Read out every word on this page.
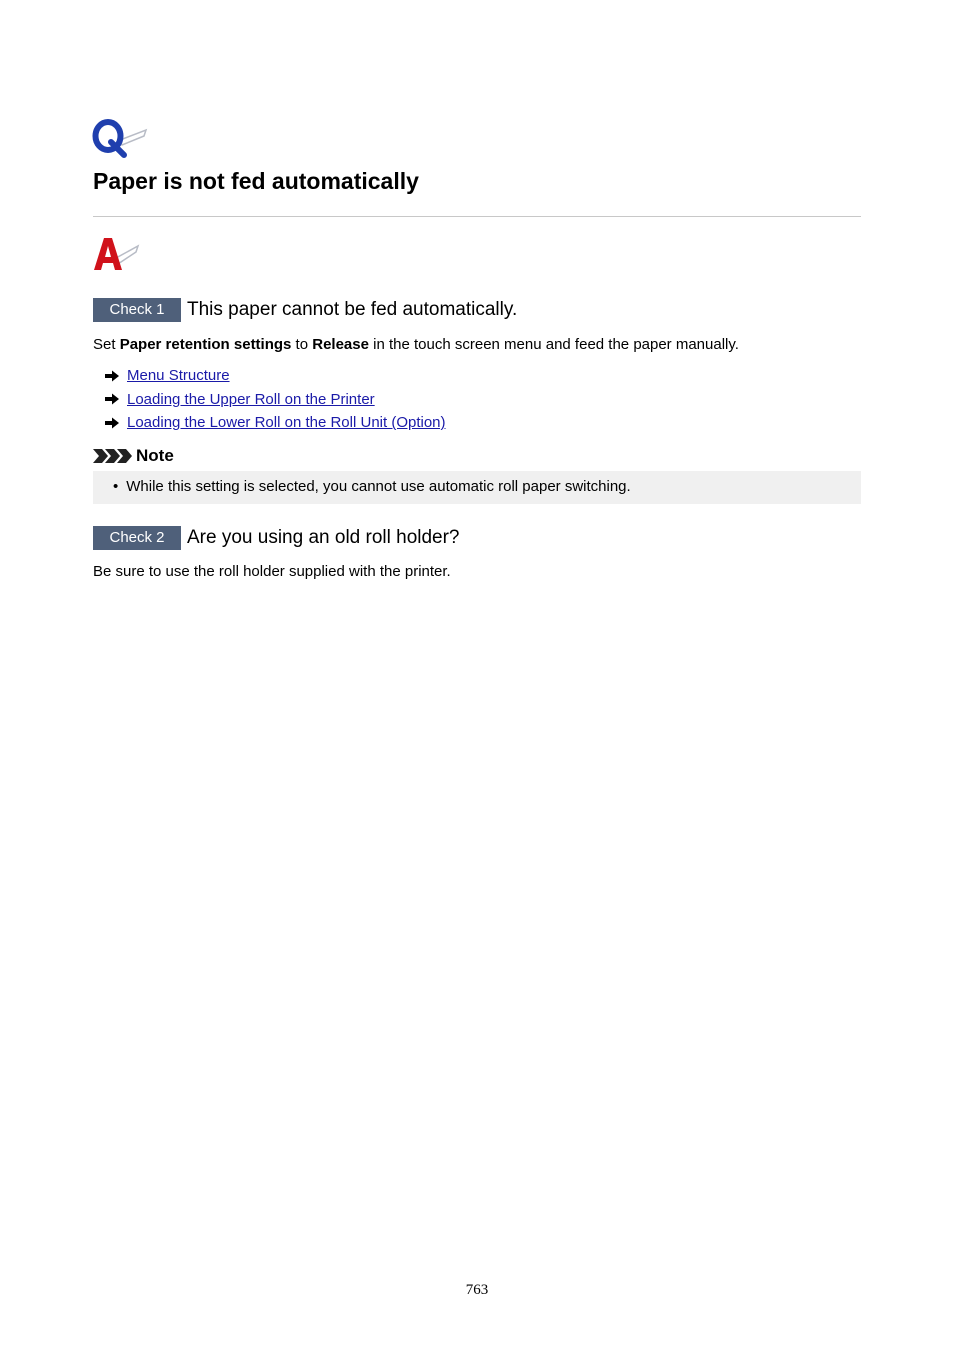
Paper is not fed automatically
Check 1	This paper cannot be fed automatically.

Set Paper retention settings to Release in the touch screen menu and feed the paper manually.

Menu Structure
Loading the Upper Roll on the Printer
Loading the Lower Roll on the Roll Unit (Option)
Note
• While this setting is selected, you cannot use automatic roll paper switching.
Check 2	Are you using an old roll holder?

Be sure to use the roll holder supplied with the printer.

763
